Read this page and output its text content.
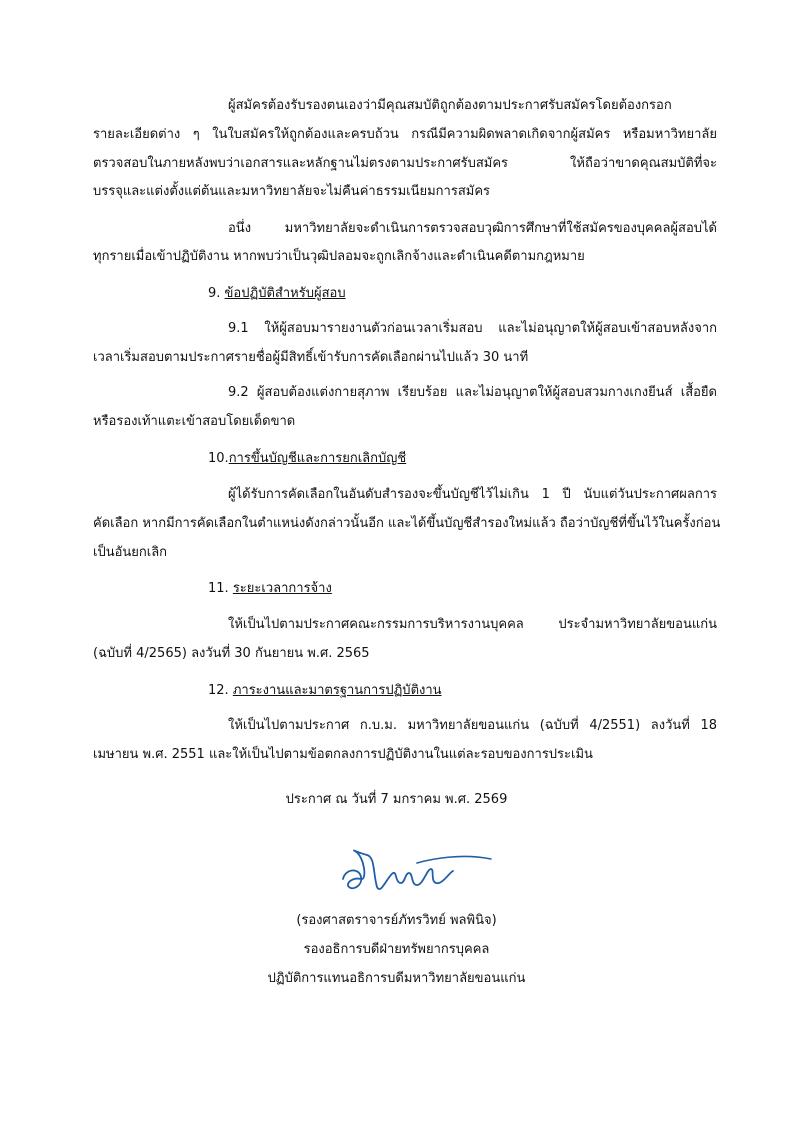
ผู้สมัครต้องรับรองตนเองว่ามีคุณสมบัติถูกต้องตามประกาศรับสมัครโดยต้องกรอก
รายละเอียดต่าง ๆ ในใบสมัครให้ถูกต้องและครบถ้วน กรณีมีความผิดพลาดเกิดจากผู้สมัคร หรือมหาวิทยาลัย
ตรวจสอบในภายหลังพบว่าเอกสารและหลักฐานไม่ตรงตามประกาศรับสมัคร ให้ถือว่าขาดคุณสมบัติที่จะ
บรรจุและแต่งตั้งแต่ต้นและมหาวิทยาลัยจะไม่คืนค่าธรรมเนียมการสมัคร
อนึ่ง มหาวิทยาลัยจะดำเนินการตรวจสอบวุฒิการศึกษาที่ใช้สมัครของบุคคลผู้สอบได้
ทุกรายเมื่อเข้าปฏิบัติงาน หากพบว่าเป็นวุฒิปลอมจะถูกเลิกจ้างและดำเนินคดีตามกฎหมาย
9. ข้อปฏิบัติสำหรับผู้สอบ
9.1 ให้ผู้สอบมารายงานตัวก่อนเวลาเริ่มสอบ และไม่อนุญาตให้ผู้สอบเข้าสอบหลังจาก
เวลาเริ่มสอบตามประกาศรายชื่อผู้มีสิทธิ์เข้ารับการคัดเลือกผ่านไปแล้ว 30 นาที
9.2 ผู้สอบต้องแต่งกายสุภาพ เรียบร้อย และไม่อนุญาตให้ผู้สอบสวมกางเกงยีนส์ เสื้อยืด
หรือรองเท้าแตะเข้าสอบโดยเด็ดขาด
10.การขึ้นบัญชีและการยกเลิกบัญชี
ผู้ได้รับการคัดเลือกในอันดับสำรองจะขึ้นบัญชีไว้ไม่เกิน 1 ปี นับแต่วันประกาศผลการ
คัดเลือก หากมีการคัดเลือกในตำแหน่งดังกล่าวนั้นอีก และได้ขึ้นบัญชีสำรองใหม่แล้ว ถือว่าบัญชีที่ขึ้นไว้ในครั้งก่อน
เป็นอันยกเลิก
11. ระยะเวลาการจ้าง
ให้เป็นไปตามประกาศคณะกรรมการบริหารงานบุคคล ประจำมหาวิทยาลัยขอนแก่น
(ฉบับที่ 4/2565) ลงวันที่ 30 กันยายน พ.ศ. 2565
12. ภาระงานและมาตรฐานการปฏิบัติงาน
ให้เป็นไปตามประกาศ ก.บ.ม. มหาวิทยาลัยขอนแก่น (ฉบับที่ 4/2551) ลงวันที่ 18
เมษายน พ.ศ. 2551 และให้เป็นไปตามข้อตกลงการปฏิบัติงานในแต่ละรอบของการประเมิน
ประกาศ ณ วันที่ 7 มกราคม พ.ศ. 2569
(รองศาสตราจารย์ภัทรวิทย์ พลพินิจ)
รองอธิการบดีฝ่ายทรัพยากรบุคคล
ปฏิบัติการแทนอธิการบดีมหาวิทยาลัยขอนแก่น
